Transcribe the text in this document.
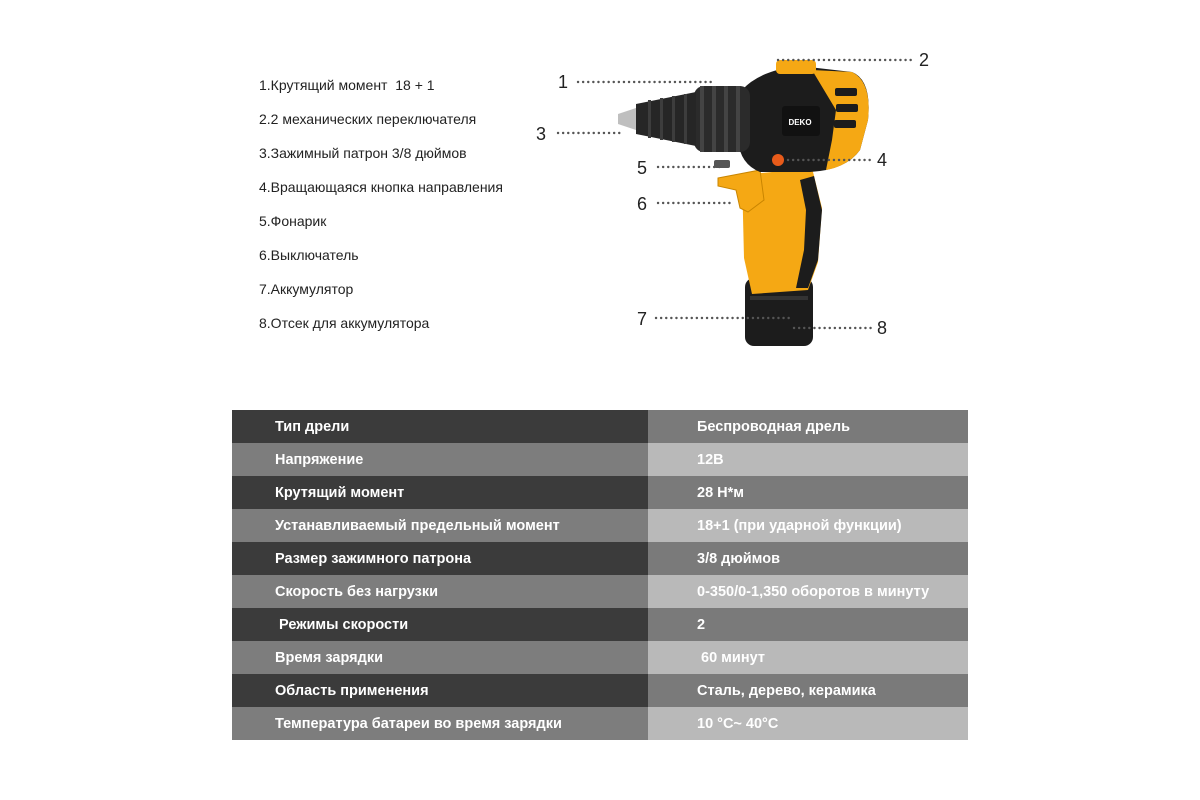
1.Крутящий момент  18 + 1
2.2 механических переключателя
3.Зажимный патрон 3/8 дюймов
4.Вращающаяся кнопка направления
5.Фонарик
6.Выключатель
7.Аккумулятор
8.Отсек для аккумулятора
DEKO
1
2
3
4
5
6
7	8
Тип дрели	Беспроводная дрель
Напряжение	12В
Крутящий момент	28 Н*м
Устанавливаемый предельный момент	18+1 (при ударной функции)
Размер зажимного патрона	3/8 дюймов
Скорость без нагрузки	0-350/0-1,350 оборотов в минуту
Режимы скорости	2
Время зарядки	60 минут
Область применения	Сталь, дерево, керамика
Температура батареи во время зарядки	10 °C~ 40°C
